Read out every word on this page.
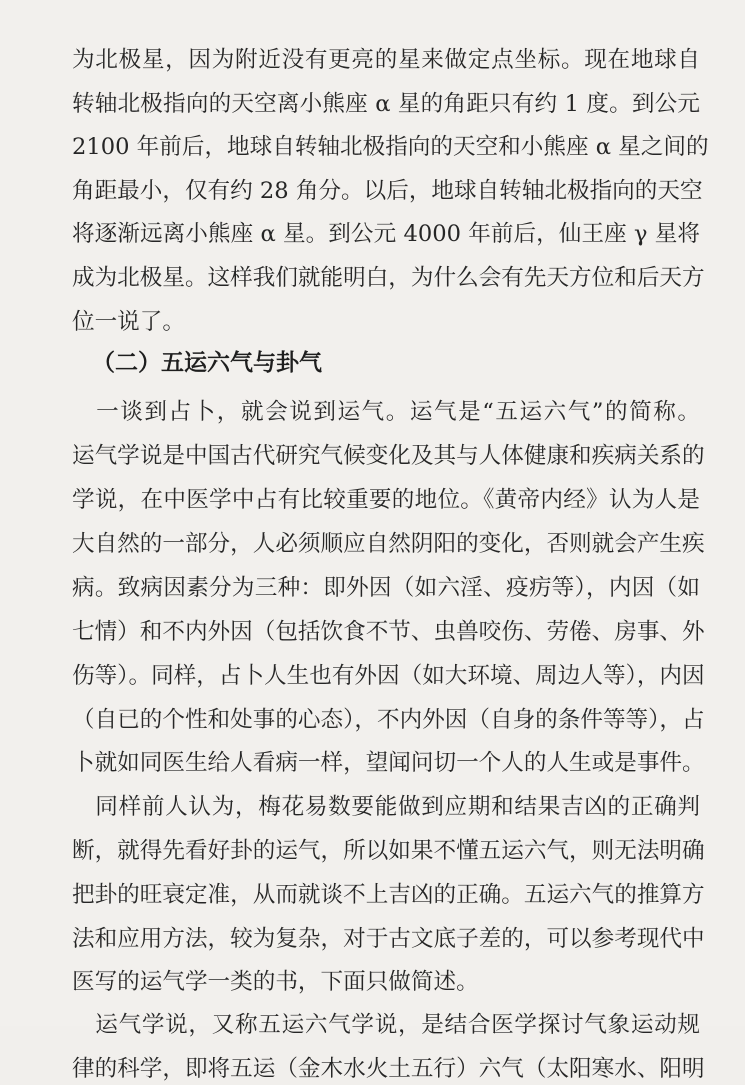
为北极星，因为附近没有更亮的星来做定点坐标。现在地球自
转轴北极指向的天空离小熊座 α 星的角距只有约 1 度。到公元
2100 年前后，地球自转轴北极指向的天空和小熊座 α 星之间的
角距最小，仅有约 28 角分。以后，地球自转轴北极指向的天空
将逐渐远离小熊座 α 星。到公元 4000 年前后，仙王座 γ 星将
成为北极星。这样我们就能明白，为什么会有先天方位和后天方
位一说了。
（二）五运六气与卦气
　一谈到占卜，就会说到运气。运气是“五运六气”的简称。
运气学说是中国古代研究气候变化及其与人体健康和疾病关系的
学说，在中医学中占有比较重要的地位。《黄帝内经》认为人是
大自然的一部分，人必须顺应自然阴阳的变化，否则就会产生疾
病。致病因素分为三种：即外因（如六淫、疫疠等），内因（如
七情）和不内外因（包括饮食不节、虫兽咬伤、劳倦、房事、外
伤等）。同样，占卜人生也有外因（如大环境、周边人等），内因
（自已的个性和处事的心态），不内外因（自身的条件等等），占
卜就如同医生给人看病一样，望闻问切一个人的人生或是事件。
　同样前人认为，梅花易数要能做到应期和结果吉凶的正确判
断，就得先看好卦的运气，所以如果不懂五运六气，则无法明确
把卦的旺衰定准，从而就谈不上吉凶的正确。五运六气的推算方
法和应用方法，较为复杂，对于古文底子差的，可以参考现代中
医写的运气学一类的书，下面只做简述。
　运气学说，又称五运六气学说，是结合医学探讨气象运动规
律的科学，即将五运（金木水火土五行）六气（太阳寒水、阳明
